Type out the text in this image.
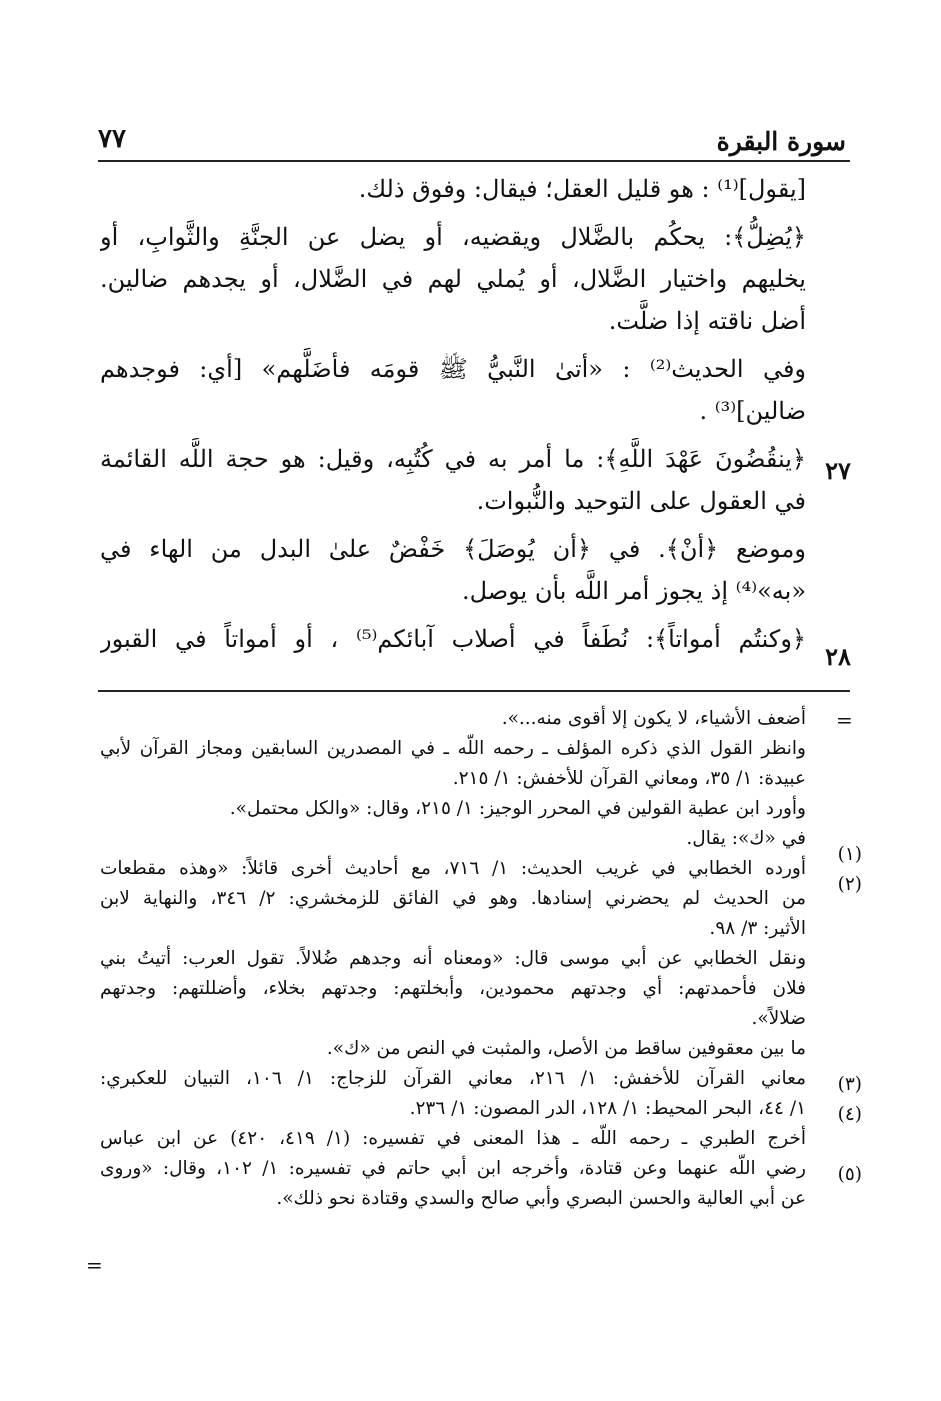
٧٧	سورة البقرة
[يقول]⁽¹⁾ : هو قليل العقل؛ فيقال: وفوق ذلك.
﴿يُضِلُّ﴾: يحكُم بالضَّلال ويقضيه، أو يضل عن الجنَّةِ والثَّوابِ، أو
يخليهم واختيار الضَّلال، أو يُملي لهم في الضَّلال، أو يجدهم ضالين.
أضل ناقته إذا ضلَّت.
وفي الحديث⁽²⁾ : «أتىٰ النَّبيُّ ﷺ قومَه فأضَلَّهم» [أي: فوجدهم
ضالين]⁽³⁾ .
﴿ينقُضُونَ عَهْدَ اللَّهِ﴾: ما أمر به في كُتُبِه، وقيل: هو حجة اللَّه القائمة
في العقول على التوحيد والنُّبوات.
وموضع ﴿أنْ﴾. في ﴿أن يُوصَلَ﴾ خَفْضٌ علىٰ البدل من الهاء في
«به»⁽⁴⁾ إذ يجوز أمر اللَّه بأن يوصل.
﴿وكنتُم أمواتاً﴾: نُطَفاً في أصلاب آبائكم⁽⁵⁾ ، أو أمواتاً في القبور
٢٧
٢٨
=
أضعف الأشياء، لا يكون إلا أقوى منه...».
وانظر القول الذي ذكره المؤلف ـ رحمه اللَّه ـ في المصدرين السابقين ومجاز القرآن لأبي
عبيدة: ١/ ٣٥، ومعاني القرآن للأخفش: ١/ ٢١٥.
وأورد ابن عطية القولين في المحرر الوجيز: ١/ ٢١٥، وقال: «والكل محتمل».
في «ك»: يقال.
أورده الخطابي في غريب الحديث: ١/ ٧١٦، مع أحاديث أخرى قائلاً: «وهذه مقطعات
من الحديث لم يحضرني إسنادها. وهو في الفائق للزمخشري: ٢/ ٣٤٦، والنهاية لابن
الأثير: ٣/ ٩٨.
ونقل الخطابي عن أبي موسى قال: «ومعناه أنه وجدهم ضُلالاً. تقول العرب: أتيتُ بني
فلان فأحمدتهم: أي وجدتهم محمودين، وأبخلتهم: وجدتهم بخلاء، وأضللتهم: وجدتهم
ضلالاً».
ما بين معقوفين ساقط من الأصل، والمثبت في النص من «ك».
معاني القرآن للأخفش: ١/ ٢١٦، معاني القرآن للزجاج: ١/ ١٠٦، التبيان للعكبري:
١/ ٤٤، البحر المحيط: ١/ ١٢٨، الدر المصون: ١/ ٢٣٦.
أخرج الطبري ـ رحمه اللَّه ـ هذا المعنى في تفسيره: (١/ ٤١٩، ٤٢٠) عن ابن عباس
رضي اللَّه عنهما وعن قتادة، وأخرجه ابن أبي حاتم في تفسيره: ١/ ١٠٢، وقال: «وروى
عن أبي العالية والحسن البصري وأبي صالح والسدي وقتادة نحو ذلك».
(١)
(٢)
(٣)
(٤)
(٥)
=
